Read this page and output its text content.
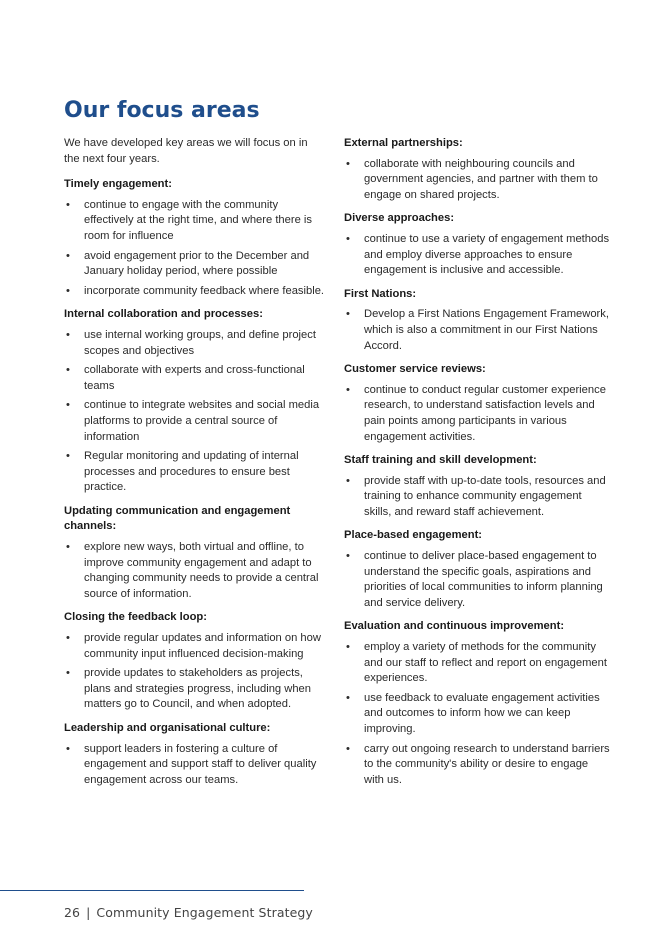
Our focus areas

We have developed key areas we will focus on in the next four years.

Timely engagement:
• continue to engage with the community effectively at the right time, and where there is room for influence
• avoid engagement prior to the December and January holiday period, where possible
• incorporate community feedback where feasible.
Internal collaboration and processes:
• use internal working groups, and define project scopes and objectives
• collaborate with experts and cross-functional teams
• continue to integrate websites and social media platforms to provide a central source of information
• Regular monitoring and updating of internal processes and procedures to ensure best practice.
Updating communication and engagement channels:
• explore new ways, both virtual and offline, to improve community engagement and adapt to changing community needs to provide a central source of information.
Closing the feedback loop:
• provide regular updates and information on how community input influenced decision-making
• provide updates to stakeholders as projects, plans and strategies progress, including when matters go to Council, and when adopted.
Leadership and organisational culture:
• support leaders in fostering a culture of engagement and support staff to deliver quality engagement across our teams.
External partnerships:
• collaborate with neighbouring councils and government agencies, and partner with them to engage on shared projects.
Diverse approaches:
• continue to use a variety of engagement methods and employ diverse approaches to ensure engagement is inclusive and accessible.
First Nations:
• Develop a First Nations Engagement Framework, which is also a commitment in our First Nations Accord.
Customer service reviews:
• continue to conduct regular customer experience research, to understand satisfaction levels and pain points among participants in various engagement activities.
Staff training and skill development:
• provide staff with up-to-date tools, resources and training to enhance community engagement skills, and reward staff achievement.
Place-based engagement:
• continue to deliver place-based engagement to understand the specific goals, aspirations and priorities of local communities to inform planning and service delivery.
Evaluation and continuous improvement:
• employ a variety of methods for the community and our staff to reflect and report on engagement experiences.
• use feedback to evaluate engagement activities and outcomes to inform how we can keep improving.
• carry out ongoing research to understand barriers to the community's ability or desire to engage with us.
26 | Community Engagement Strategy
